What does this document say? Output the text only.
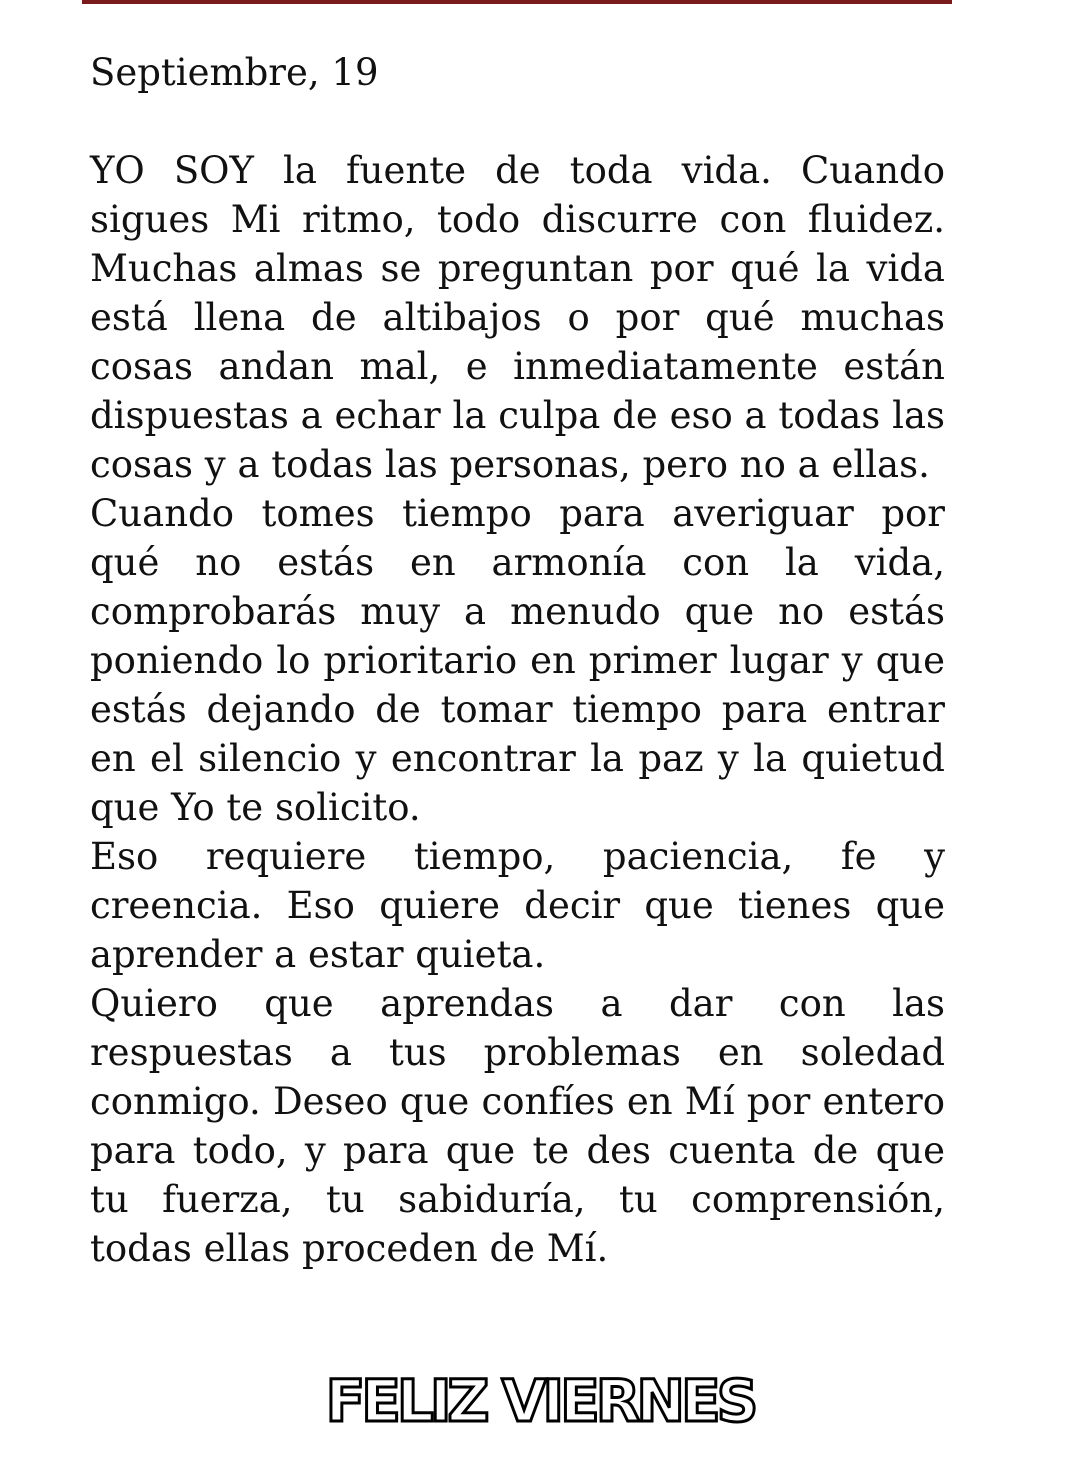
Septiembre, 19

YO SOY la fuente de toda vida. Cuando sigues Mi ritmo, todo discurre con fluidez. Muchas almas se preguntan por qué la vida está llena de altibajos o por qué muchas cosas andan mal, e inmediatamente están dispuestas a echar la culpa de eso a todas las cosas y a todas las personas, pero no a ellas.

Cuando tomes tiempo para averiguar por qué no estás en armonía con la vida, comprobarás muy a menudo que no estás poniendo lo prioritario en primer lugar y que estás dejando de tomar tiempo para entrar en el silencio y encontrar la paz y la quietud que Yo te solicito.

Eso requiere tiempo, paciencia, fe y creencia. Eso quiere decir que tienes que aprender a estar quieta.

Quiero que aprendas a dar con las respuestas a tus problemas en soledad conmigo. Deseo que confíes en Mí por entero para todo, y para que te des cuenta de que tu fuerza, tu sabiduría, tu comprensión, todas ellas proceden de Mí.

FELIZ VIERNES
